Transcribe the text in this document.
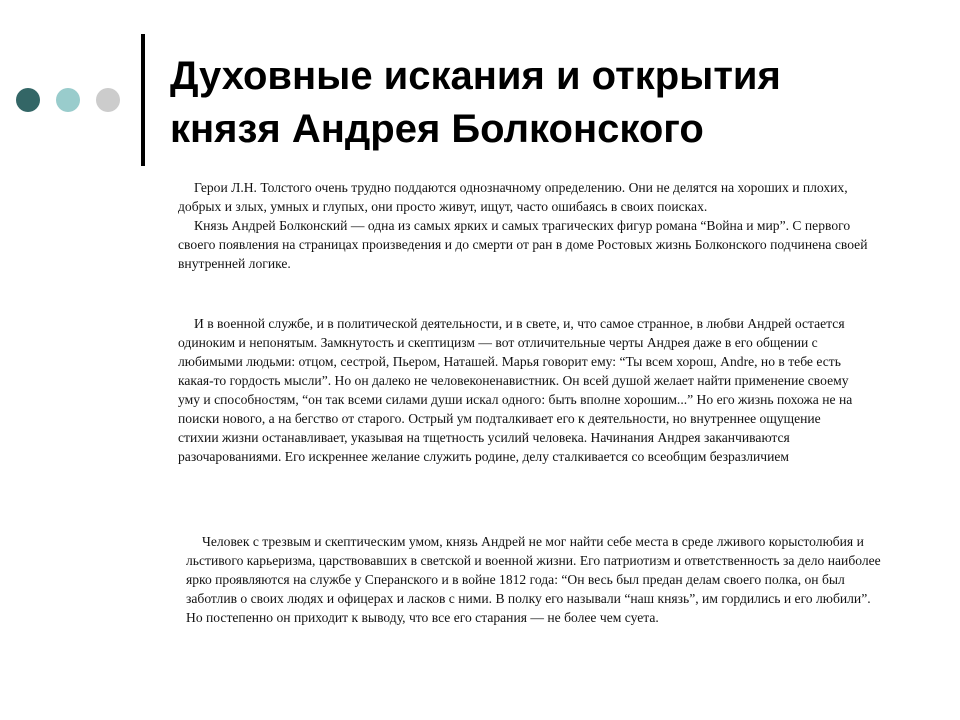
Духовные искания и открытия
князя Андрея Болконского

Герои Л.Н. Толстого очень трудно поддаются однозначному определению. Они не делятся на хороших и плохих, добрых и злых, умных и глупых, они просто живут, ищут, часто ошибаясь в своих поисках.

Князь Андрей Болконский — одна из самых ярких и самых трагических фигур романа “Война и мир”. С первого своего появления на страницах произведения и до смерти от ран в доме Ростовых жизнь Болконского подчинена своей внутренней логике.

И в военной службе, и в политической деятельности, и в свете, и, что самое странное, в любви Андрей остается одиноким и непонятым. Замкнутость и скептицизм — вот отличительные черты Андрея даже в его общении с любимыми людьми: отцом, сестрой, Пьером, Наташей. Марья говорит ему: “Ты всем хорош, Andre, но в тебе есть какая-то гордость мысли”. Но он далеко не человеконенавистник. Он всей душой желает найти применение своему уму и способностям, “он так всеми силами души искал одного: быть вполне хорошим...” Но его жизнь похожа не на поиски нового, а на бегство от старого. Острый ум подталкивает его к деятельности, но внутреннее ощущение стихии жизни останавливает, указывая на тщетность усилий человека. Начинания Андрея заканчиваются разочарованиями. Его искреннее желание служить родине, делу сталкивается со всеобщим безразличием

Человек с трезвым и скептическим умом, князь Андрей не мог найти себе места в среде лживого корыстолюбия и льстивого карьеризма, царствовавших в светской и военной жизни. Его патриотизм и ответственность за дело наиболее ярко проявляются на службе у Сперанского и в войне 1812 года: “Он весь был предан делам своего полка, он был заботлив о своих людях и офицерах и ласков с ними. В полку его называли “наш князь”, им гордились и его любили”. Но постепенно он приходит к выводу, что все его старания — не более чем суета.
